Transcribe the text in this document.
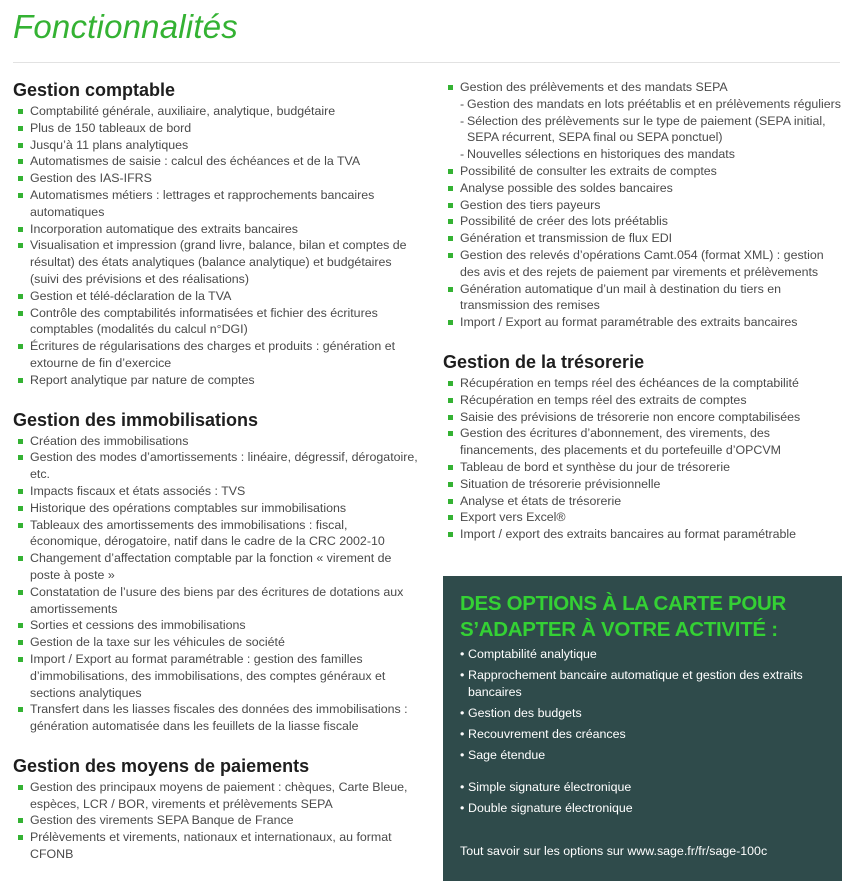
Fonctionnalités
Gestion comptable
Comptabilité générale, auxiliaire, analytique, budgétaire
Plus de 150 tableaux de bord
Jusqu’à 11 plans analytiques
Automatismes de saisie : calcul des échéances et de la TVA
Gestion des IAS-IFRS
Automatismes métiers : lettrages et rapprochements bancaires automatiques
Incorporation automatique des extraits bancaires
Visualisation et impression (grand livre, balance, bilan et comptes de résultat) des états analytiques (balance analytique) et budgétaires (suivi des prévisions et des réalisations)
Gestion et télé-déclaration de la TVA
Contrôle des comptabilités informatisées et fichier des écritures comptables (modalités du calcul n°DGI)
Écritures de régularisations des charges et produits : génération et extourne de fin d’exercice
Report analytique par nature de comptes
Gestion des immobilisations
Création des immobilisations
Gestion des modes d’amortissements : linéaire, dégressif, dérogatoire, etc.
Impacts fiscaux et états associés : TVS
Historique des opérations comptables sur immobilisations
Tableaux des amortissements des immobilisations : fiscal, économique, dérogatoire, natif dans le cadre de la CRC 2002-10
Changement d’affectation comptable par la fonction « virement de poste à poste »
Constatation de l’usure des biens par des écritures de dotations aux amortissements
Sorties et cessions des immobilisations
Gestion de la taxe sur les véhicules de société
Import / Export au format paramétrable : gestion des familles d’immobilisations, des immobilisations, des comptes généraux et sections analytiques
Transfert dans les liasses fiscales des données des immobilisations : génération automatisée dans les feuillets de la liasse fiscale
Gestion des moyens de paiements
Gestion des principaux moyens de paiement : chèques, Carte Bleue, espèces, LCR / BOR, virements et prélèvements SEPA
Gestion des virements SEPA Banque de France
Prélèvements et virements, nationaux et internationaux, au format CFONB
Gestion des prélèvements et des mandats SEPA
- Gestion des mandats en lots préétablis et en prélèvements réguliers
- Sélection des prélèvements sur le type de paiement (SEPA initial, SEPA récurrent, SEPA final ou SEPA ponctuel)
- Nouvelles sélections en historiques des mandats
Possibilité de consulter les extraits de comptes
Analyse possible des soldes bancaires
Gestion des tiers payeurs
Possibilité de créer des lots préétablis
Génération et transmission de flux EDI
Gestion des relevés d’opérations Camt.054 (format XML) : gestion des avis et des rejets de paiement par virements et prélèvements
Génération automatique d’un mail à destination du tiers en transmission des remises
Import / Export au format paramétrable des extraits bancaires
Gestion de la trésorerie
Récupération en temps réel des échéances de la comptabilité
Récupération en temps réel des extraits de comptes
Saisie des prévisions de trésorerie non encore comptabilisées
Gestion des écritures d’abonnement, des virements, des financements, des placements et du portefeuille d’OPCVM
Tableau de bord et synthèse du jour de trésorerie
Situation de trésorerie prévisionnelle
Analyse et états de trésorerie
Export vers Excel®
Import / export des extraits bancaires au format paramétrable
DES OPTIONS À LA CARTE POUR S’ADAPTER À VOTRE ACTIVITÉ :
• Comptabilité analytique
• Rapprochement bancaire automatique et gestion des extraits bancaires
• Gestion des budgets
• Recouvrement des créances
• Sage étendue
• Simple signature électronique
• Double signature électronique

Tout savoir sur les options sur www.sage.fr/fr/sage-100c
